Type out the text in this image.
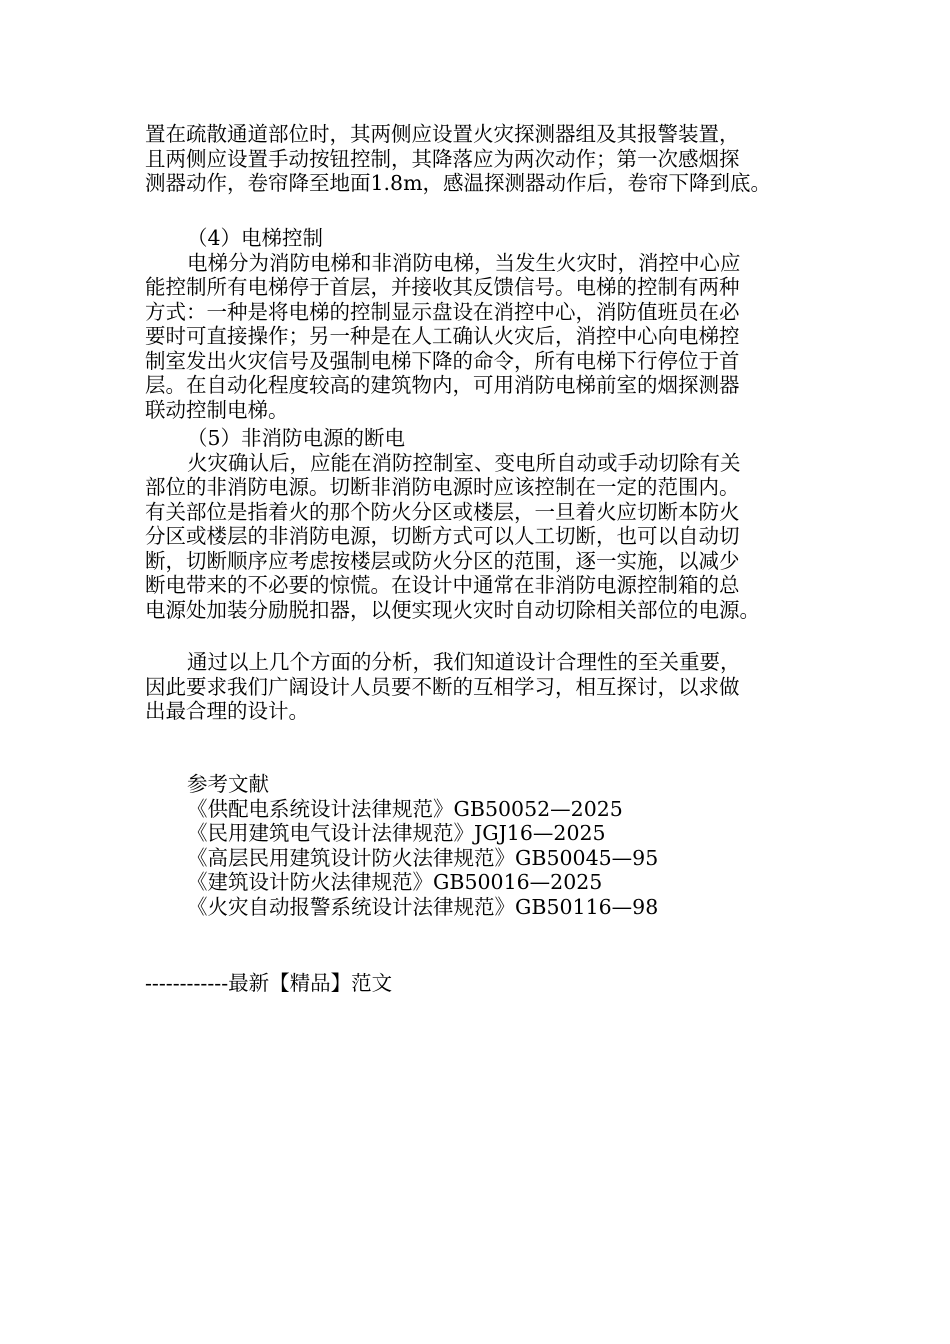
置在疏散通道部位时，其两侧应设置火灾探测器组及其报警装置，
且两侧应设置手动按钮控制，其降落应为两次动作；第一次感烟探
测器动作，卷帘降至地面1.8m，感温探测器动作后，卷帘下降到底。
（4）电梯控制
电梯分为消防电梯和非消防电梯，当发生火灾时，消控中心应
能控制所有电梯停于首层，并接收其反馈信号。电梯的控制有两种
方式：一种是将电梯的控制显示盘设在消控中心，消防值班员在必
要时可直接操作；另一种是在人工确认火灾后，消控中心向电梯控
制室发出火灾信号及强制电梯下降的命令，所有电梯下行停位于首
层。在自动化程度较高的建筑物内，可用消防电梯前室的烟探测器
联动控制电梯。
（5）非消防电源的断电
火灾确认后，应能在消防控制室、变电所自动或手动切除有关
部位的非消防电源。切断非消防电源时应该控制在一定的范围内。
有关部位是指着火的那个防火分区或楼层，一旦着火应切断本防火
分区或楼层的非消防电源，切断方式可以人工切断，也可以自动切
断，切断顺序应考虑按楼层或防火分区的范围，逐一实施，以减少
断电带来的不必要的惊慌。在设计中通常在非消防电源控制箱的总
电源处加装分励脱扣器，以便实现火灾时自动切除相关部位的电源。
通过以上几个方面的分析，我们知道设计合理性的至关重要，
因此要求我们广阔设计人员要不断的互相学习，相互探讨，以求做
出最合理的设计。
参考文献
《供配电系统设计法律规范》GB50052—2025
《民用建筑电气设计法律规范》JGJ16—2025
《高层民用建筑设计防火法律规范》GB50045—95
《建筑设计防火法律规范》GB50016—2025
《火灾自动报警系统设计法律规范》GB50116—98
------------最新【精品】范文
